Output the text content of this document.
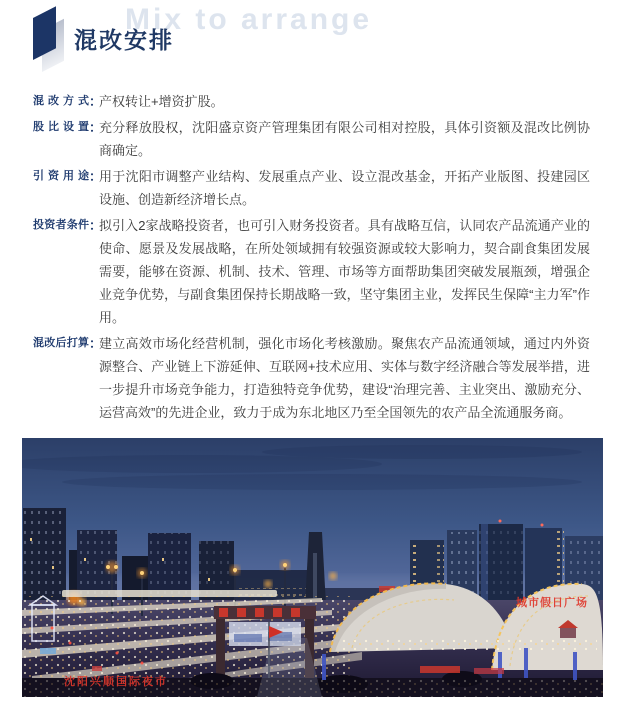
Mix to arrange
混改安排
混改方式 ：
产权转让+增资扩股。
股比设置 ：
充分释放股权，沈阳盛京资产管理集团有限公司相对控股，具体引资额及混改比例协商确定。
引资用途 ：
用于沈阳市调整产业结构、发展重点产业、设立混改基金，开拓产业版图、投建园区设施、创造新经济增长点。
投资者条件 ：
拟引入2家战略投资者，也可引入财务投资者。具有战略互信，认同农产品流通产业的使命、愿景及发展战略，在所处领域拥有较强资源或较大影响力，契合副食集团发展需要，能够在资源、机制、技术、管理、市场等方面帮助集团突破发展瓶颈，增强企业竞争优势，与副食集团保持长期战略一致，坚守集团主业，发挥民生保障“主力军”作用。
混改后打算 ：
建立高效市场化经营机制，强化市场化考核激励。聚焦农产品流通领域，通过内外资源整合、产业链上下游延伸、互联网+技术应用、实体与数字经济融合等发展举措，进一步提升市场竞争能力，打造独特竞争优势，建设“治理完善、主业突出、激励充分、运营高效”的先进企业，致力于成为东北地区乃至全国领先的农产品全流通服务商。
城市假日广场
沈阳兴顺国际夜市
